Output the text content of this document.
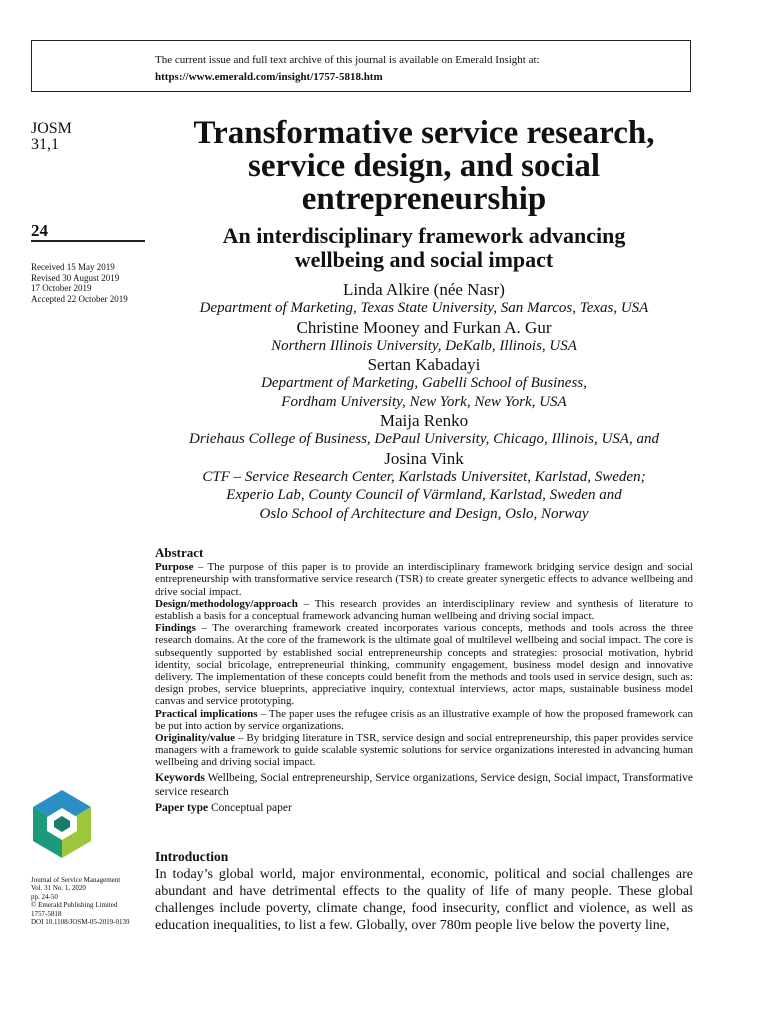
The current issue and full text archive of this journal is available on Emerald Insight at:
https://www.emerald.com/insight/1757-5818.htm
JOSM
31,1
24
Received 15 May 2019
Revised 30 August 2019
17 October 2019
Accepted 22 October 2019
Transformative service research,
service design, and social
entrepreneurship
An interdisciplinary framework advancing
wellbeing and social impact
Linda Alkire (née Nasr)
Department of Marketing, Texas State University, San Marcos, Texas, USA
Christine Mooney and Furkan A. Gur
Northern Illinois University, DeKalb, Illinois, USA
Sertan Kabadayi
Department of Marketing, Gabelli School of Business,
Fordham University, New York, New York, USA
Maija Renko
Driehaus College of Business, DePaul University, Chicago, Illinois, USA, and
Josina Vink
CTF – Service Research Center, Karlstads Universitet, Karlstad, Sweden;
Experio Lab, County Council of Värmland, Karlstad, Sweden and
Oslo School of Architecture and Design, Oslo, Norway
Abstract

Purpose – The purpose of this paper is to provide an interdisciplinary framework bridging service design and social entrepreneurship with transformative service research (TSR) to create greater synergetic effects to advance wellbeing and drive social impact.

Design/methodology/approach – This research provides an interdisciplinary review and synthesis of literature to establish a basis for a conceptual framework advancing human wellbeing and driving social impact.

Findings – The overarching framework created incorporates various concepts, methods and tools across the three research domains. At the core of the framework is the ultimate goal of multilevel wellbeing and social impact. The core is subsequently supported by established social entrepreneurship concepts and strategies: prosocial motivation, hybrid identity, social bricolage, entrepreneurial thinking, community engagement, business model design and innovative delivery. The implementation of these concepts could benefit from the methods and tools used in service design, such as: design probes, service blueprints, appreciative inquiry, contextual interviews, actor maps, sustainable business model canvas and service prototyping.

Practical implications – The paper uses the refugee crisis as an illustrative example of how the proposed framework can be put into action by service organizations.

Originality/value – By bridging literature in TSR, service design and social entrepreneurship, this paper provides service managers with a framework to guide scalable systemic solutions for service organizations interested in advancing human wellbeing and driving social impact.

Keywords Wellbeing, Social entrepreneurship, Service organizations, Service design, Social impact, Transformative service research

Paper type Conceptual paper

Journal of Service Management
Vol. 31 No. 1, 2020
pp. 24-50
© Emerald Publishing Limited
1757-5818
DOI 10.1108/JOSM-05-2019-0139
Introduction

In today’s global world, major environmental, economic, political and social challenges are abundant and have detrimental effects to the quality of life of many people. These global challenges include poverty, climate change, food insecurity, conflict and violence, as well as education inequalities, to list a few. Globally, over 780m people live below the poverty line,
